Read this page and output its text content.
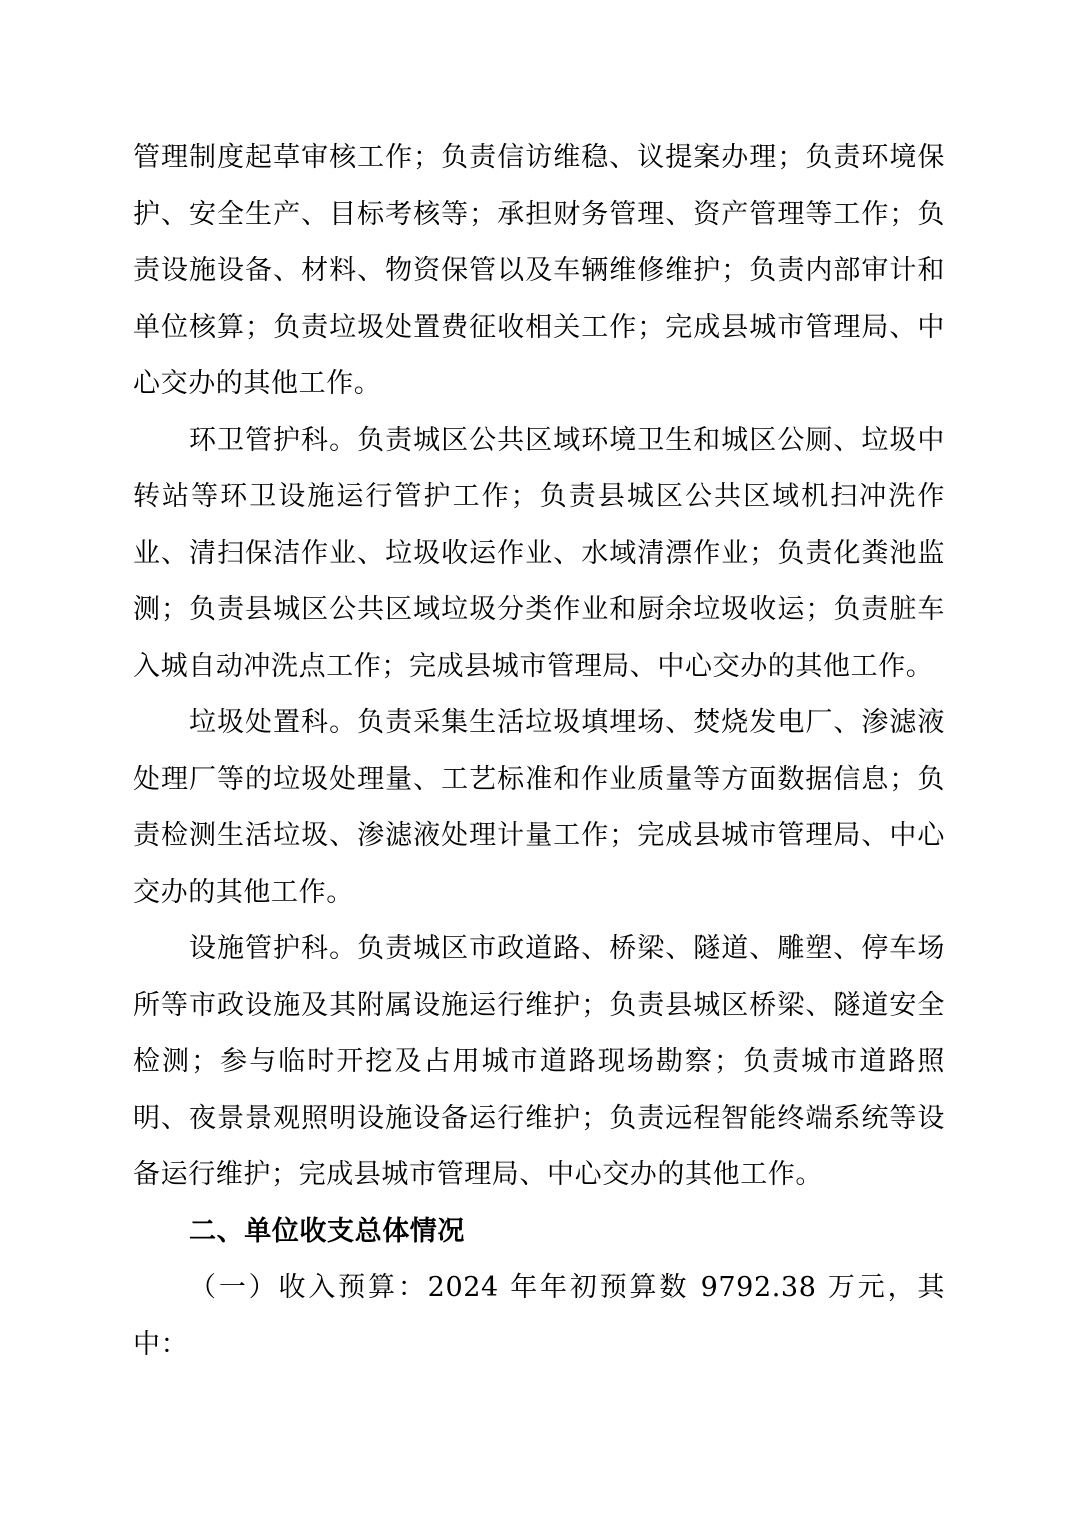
管理制度起草审核工作；负责信访维稳、议提案办理；负责环境保护、安全生产、目标考核等；承担财务管理、资产管理等工作；负责设施设备、材料、物资保管以及车辆维修维护；负责内部审计和单位核算；负责垃圾处置费征收相关工作；完成县城市管理局、中心交办的其他工作。

环卫管护科。负责城区公共区域环境卫生和城区公厕、垃圾中转站等环卫设施运行管护工作；负责县城区公共区域机扫冲洗作业、清扫保洁作业、垃圾收运作业、水域清漂作业；负责化粪池监测；负责县城区公共区域垃圾分类作业和厨余垃圾收运；负责脏车入城自动冲洗点工作；完成县城市管理局、中心交办的其他工作。

垃圾处置科。负责采集生活垃圾填埋场、焚烧发电厂、渗滤液处理厂等的垃圾处理量、工艺标准和作业质量等方面数据信息；负责检测生活垃圾、渗滤液处理计量工作；完成县城市管理局、中心交办的其他工作。

设施管护科。负责城区市政道路、桥梁、隧道、雕塑、停车场所等市政设施及其附属设施运行维护；负责县城区桥梁、隧道安全检测；参与临时开挖及占用城市道路现场勘察；负责城市道路照明、夜景景观照明设施设备运行维护；负责远程智能终端系统等设备运行维护；完成县城市管理局、中心交办的其他工作。

二、单位收支总体情况

（一）收入预算：2024 年年初预算数 9792.38 万元，其中：
